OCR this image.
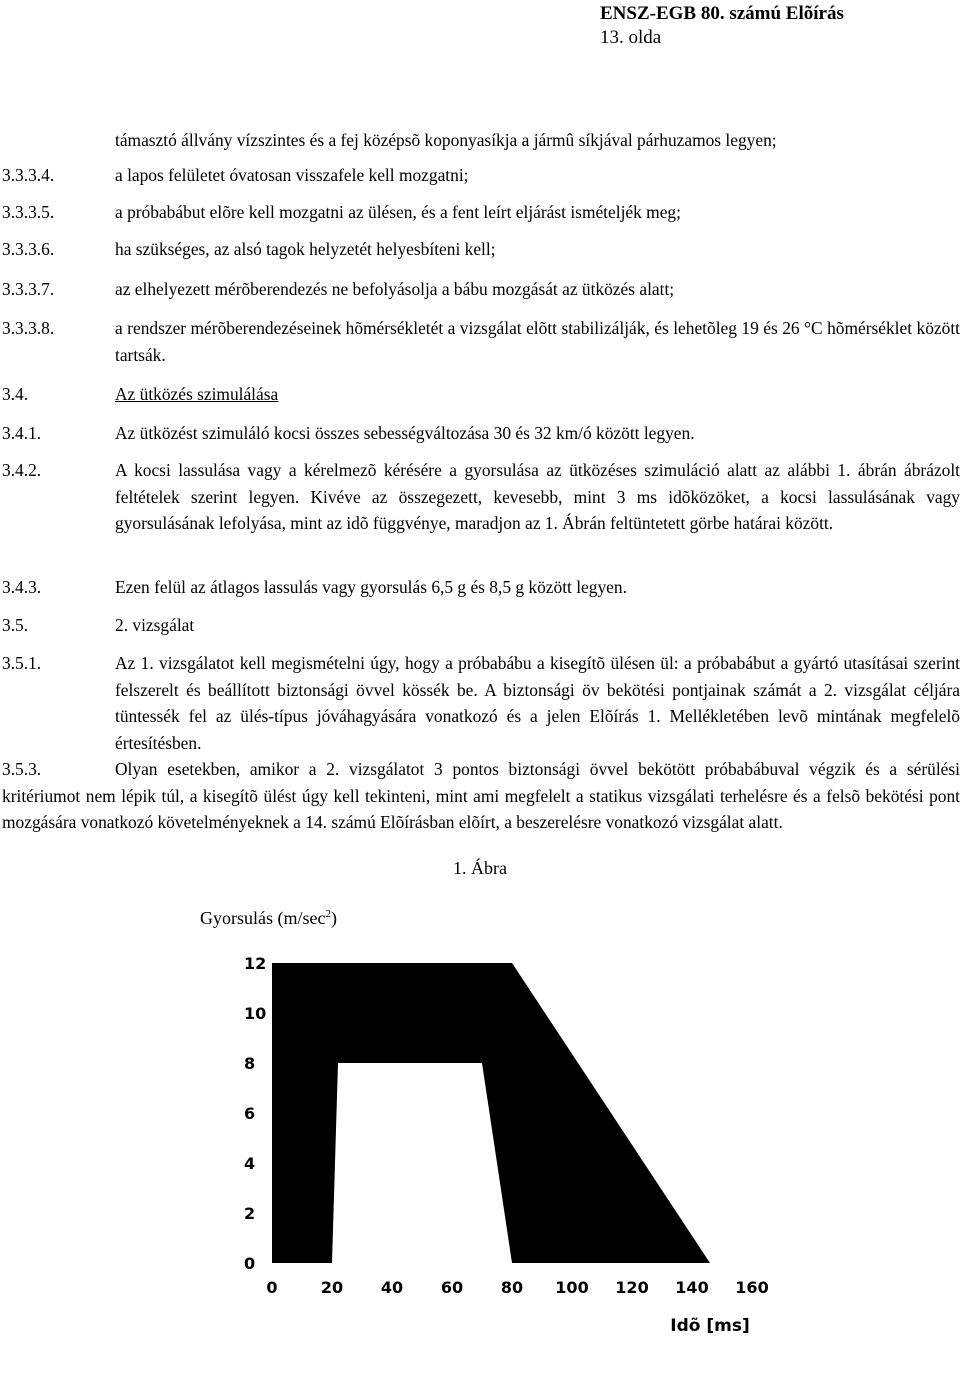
ENSZ-EGB 80. számú Elõírás
13. olda
támasztó állvány vízszintes és a fej középsõ koponyasíkja a jármû síkjával párhuzamos legyen;
3.3.3.4.	a lapos felületet óvatosan visszafele kell mozgatni;
3.3.3.5.	a próbabábut elõre kell mozgatni az ülésen, és a fent leírt eljárást ismételjék meg;
3.3.3.6.	ha szükséges, az alsó tagok helyzetét helyesbíteni kell;
3.3.3.7.	az elhelyezett mérõberendezés ne befolyásolja a bábu mozgását az ütközés alatt;
3.3.3.8.	a rendszer mérõberendezéseinek hõmérsékletét a vizsgálat elõtt stabilizálják, és lehetõleg 19 és 26 °C hõmérséklet között tartsák.
3.4.	Az ütközés szimulálása
3.4.1.	Az ütközést szimuláló kocsi összes sebességváltozása 30 és 32 km/ó között legyen.
3.4.2.	A kocsi lassulása vagy a kérelmezõ kérésére a gyorsulása az ütközéses szimuláció alatt az alábbi 1. ábrán ábrázolt feltételek szerint legyen. Kivéve az összegezett, kevesebb, mint 3 ms idõközöket, a kocsi lassulásának vagy gyorsulásának lefolyása, mint az idõ függvénye, maradjon az 1. Ábrán feltüntetett görbe határai között.
3.4.3.	Ezen felül az átlagos lassulás vagy gyorsulás 6,5 g és 8,5 g között legyen.
3.5.	2. vizsgálat
3.5.1.	Az 1. vizsgálatot kell megismételni úgy, hogy a próbabábu a kisegítõ ülésen ül: a próbabábut a gyártó utasításai szerint felszerelt és beállított biztonsági övvel kössék be. A biztonsági öv bekötési pontjainak számát a 2. vizsgálat céljára tüntessék fel az ülés-típus jóváhagyására vonatkozó és a jelen Elõírás 1. Mellékletében levõ mintának megfelelõ értesítésben.
3.5.3.	Olyan esetekben, amikor a 2. vizsgálatot 3 pontos biztonsági övvel bekötött próbabábuval végzik és a sérülési kritériumot nem lépik túl, a kisegítõ ülést úgy kell tekinteni, mint ami megfelelt a statikus vizsgálati terhelésre és a felsõ bekötési pont mozgására vonatkozó követelményeknek a 14. számú Elõírásban elõírt, a beszerelésre vonatkozó vizsgálat alatt.
1. Ábra
Gyorsulás $(m/\sec^2)$
0
2
4
6
8
10
12
0	20 40 60 80 100 120 140 160
Idõ [ms]
